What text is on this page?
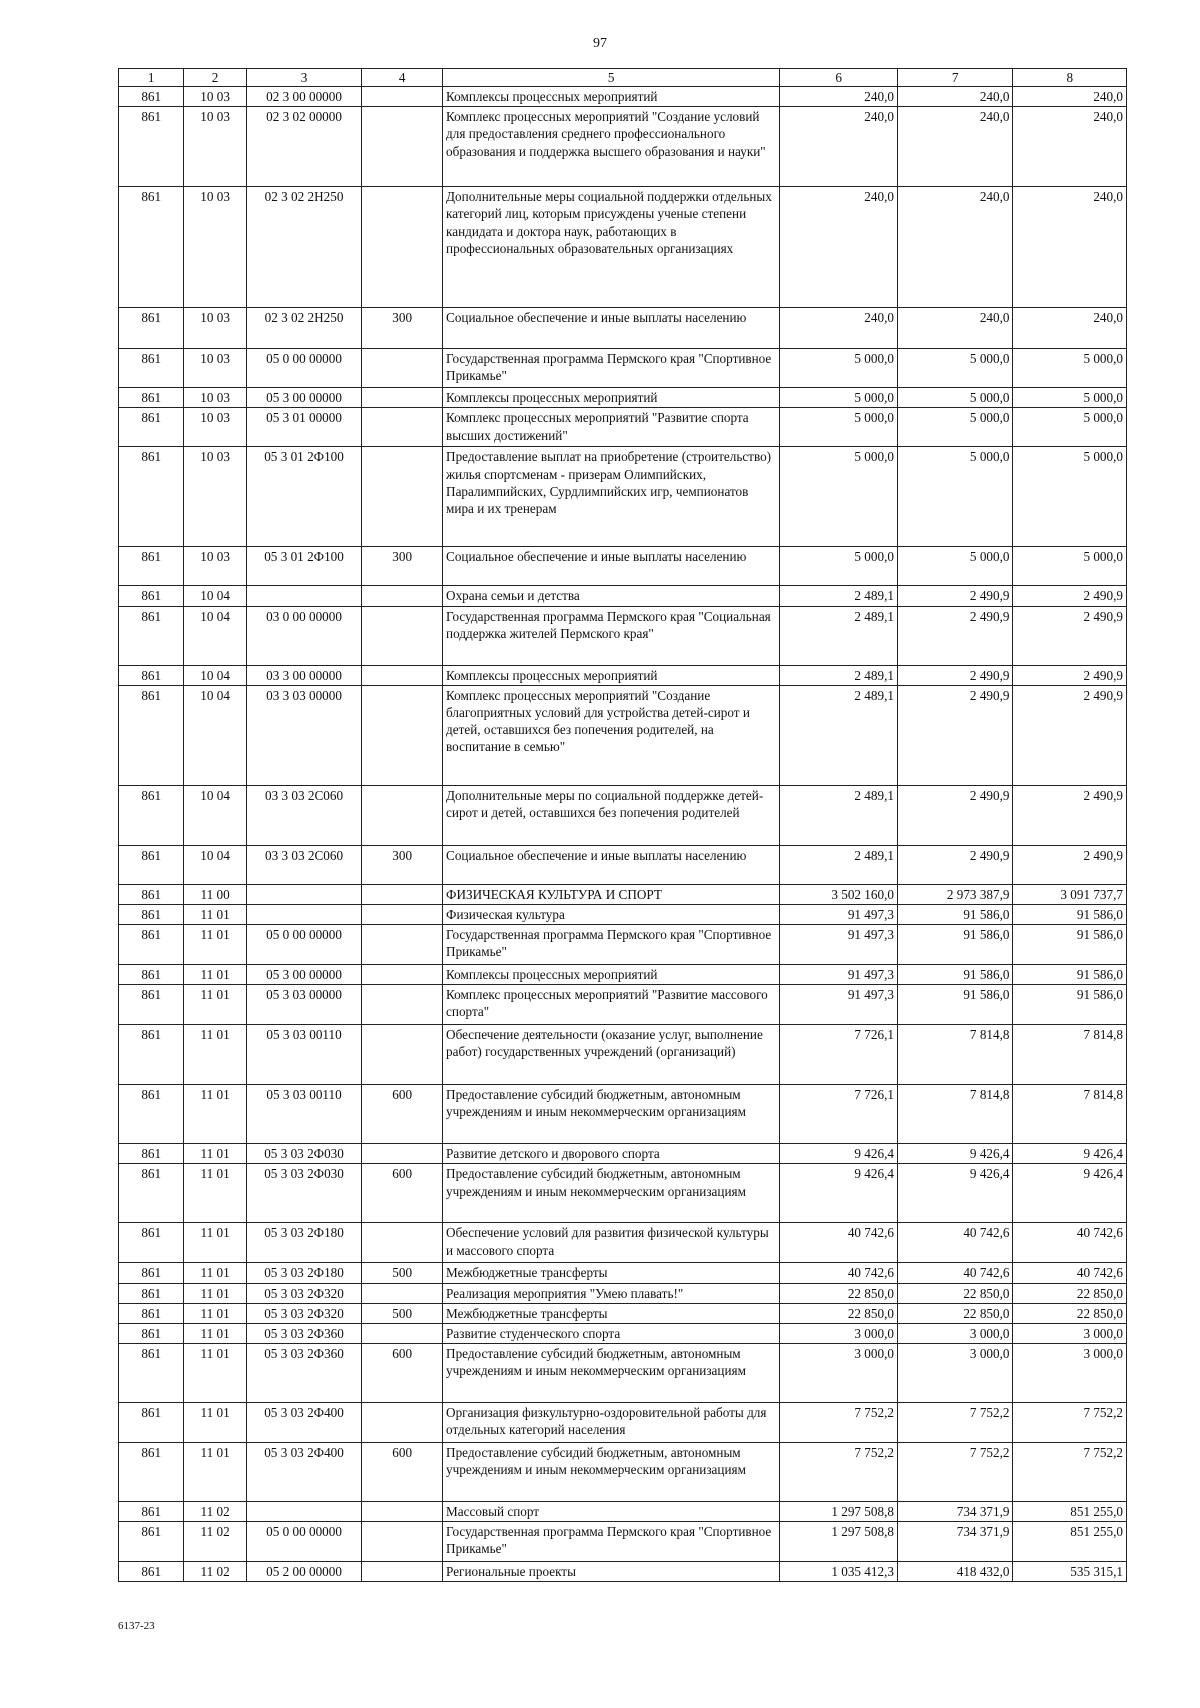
97
1	2	3	4	5	6	7	8
861	10 03	02 3 00 00000		Комплексы процессных мероприятий	240,0	240,0	240,0
861	10 03	02 3 02 00000		Комплекс процессных мероприятий "Создание условий для предоставления среднего профессионального образования и поддержка высшего образования и науки"	240,0	240,0	240,0
861	10 03	02 3 02 2Н250		Дополнительные меры социальной поддержки отдельных категорий лиц, которым присуждены ученые степени кандидата и доктора наук, работающих в профессиональных образовательных организациях	240,0	240,0	240,0
861	10 03	02 3 02 2Н250	300	Социальное обеспечение и иные выплаты населению	240,0	240,0	240,0
861	10 03	05 0 00 00000		Государственная программа Пермского края "Спортивное Прикамье"	5 000,0	5 000,0	5 000,0
861	10 03	05 3 00 00000		Комплексы процессных мероприятий	5 000,0	5 000,0	5 000,0
861	10 03	05 3 01 00000		Комплекс процессных мероприятий "Развитие спорта высших достижений"	5 000,0	5 000,0	5 000,0
861	10 03	05 3 01 2Ф100		Предоставление выплат на приобретение (строительство) жилья спортсменам - призерам Олимпийских, Паралимпийских, Сурдлимпийских игр, чемпионатов мира и их тренерам	5 000,0	5 000,0	5 000,0
861	10 03	05 3 01 2Ф100	300	Социальное обеспечение и иные выплаты населению	5 000,0	5 000,0	5 000,0
861	10 04			Охрана семьи и детства	2 489,1	2 490,9	2 490,9
861	10 04	03 0 00 00000		Государственная программа Пермского края "Социальная поддержка жителей Пермского края"	2 489,1	2 490,9	2 490,9
861	10 04	03 3 00 00000		Комплексы процессных мероприятий	2 489,1	2 490,9	2 490,9
861	10 04	03 3 03 00000		Комплекс процессных мероприятий "Создание благоприятных условий для устройства детей-сирот и детей, оставшихся без попечения родителей, на воспитание в семью"	2 489,1	2 490,9	2 490,9
861	10 04	03 3 03 2С060		Дополнительные меры по социальной поддержке детей-сирот и детей, оставшихся без попечения родителей	2 489,1	2 490,9	2 490,9
861	10 04	03 3 03 2С060	300	Социальное обеспечение и иные выплаты населению	2 489,1	2 490,9	2 490,9
861	11 00			ФИЗИЧЕСКАЯ КУЛЬТУРА И СПОРТ	3 502 160,0	2 973 387,9	3 091 737,7
861	11 01			Физическая культура	91 497,3	91 586,0	91 586,0
861	11 01	05 0 00 00000		Государственная программа Пермского края "Спортивное Прикамье"	91 497,3	91 586,0	91 586,0
861	11 01	05 3 00 00000		Комплексы процессных мероприятий	91 497,3	91 586,0	91 586,0
861	11 01	05 3 03 00000		Комплекс процессных мероприятий "Развитие массового спорта"	91 497,3	91 586,0	91 586,0
861	11 01	05 3 03 00110		Обеспечение деятельности (оказание услуг, выполнение работ) государственных учреждений (организаций)	7 726,1	7 814,8	7 814,8
861	11 01	05 3 03 00110	600	Предоставление субсидий бюджетным, автономным учреждениям и иным некоммерческим организациям	7 726,1	7 814,8	7 814,8
861	11 01	05 3 03 2Ф030		Развитие детского и дворового спорта	9 426,4	9 426,4	9 426,4
861	11 01	05 3 03 2Ф030	600	Предоставление субсидий бюджетным, автономным учреждениям и иным некоммерческим организациям	9 426,4	9 426,4	9 426,4
861	11 01	05 3 03 2Ф180		Обеспечение условий для развития физической культуры и массового спорта	40 742,6	40 742,6	40 742,6
861	11 01	05 3 03 2Ф180	500	Межбюджетные трансферты	40 742,6	40 742,6	40 742,6
861	11 01	05 3 03 2Ф320		Реализация мероприятия "Умею плавать!"	22 850,0	22 850,0	22 850,0
861	11 01	05 3 03 2Ф320	500	Межбюджетные трансферты	22 850,0	22 850,0	22 850,0
861	11 01	05 3 03 2Ф360		Развитие студенческого спорта	3 000,0	3 000,0	3 000,0
861	11 01	05 3 03 2Ф360	600	Предоставление субсидий бюджетным, автономным учреждениям и иным некоммерческим организациям	3 000,0	3 000,0	3 000,0
861	11 01	05 3 03 2Ф400		Организация физкультурно-оздоровительной работы для отдельных категорий населения	7 752,2	7 752,2	7 752,2
861	11 01	05 3 03 2Ф400	600	Предоставление субсидий бюджетным, автономным учреждениям и иным некоммерческим организациям	7 752,2	7 752,2	7 752,2
861	11 02			Массовый спорт	1 297 508,8	734 371,9	851 255,0
861	11 02	05 0 00 00000		Государственная программа Пермского края "Спортивное Прикамье"	1 297 508,8	734 371,9	851 255,0
861	11 02	05 2 00 00000		Региональные проекты	1 035 412,3	418 432,0	535 315,1
6137-23
